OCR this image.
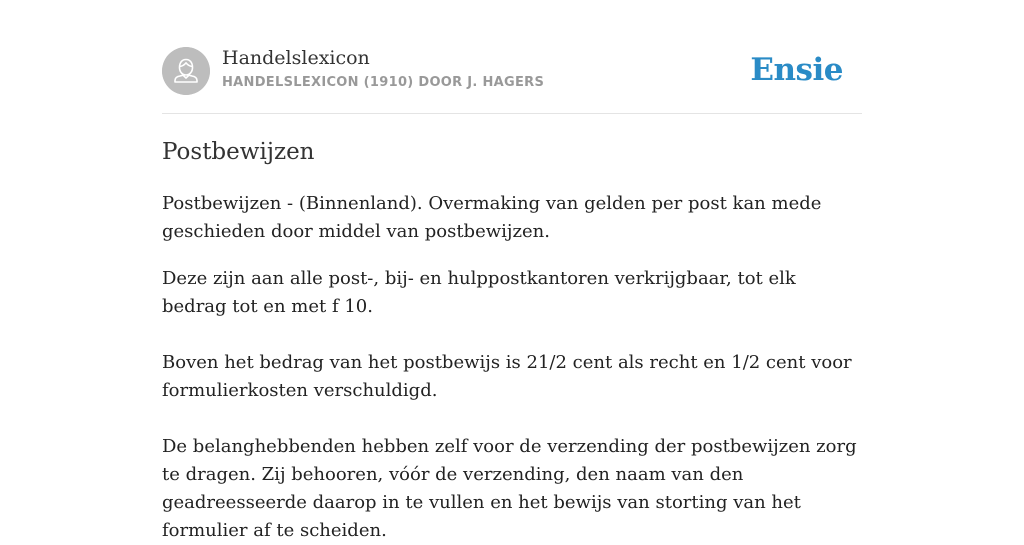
Handelslexicon
HANDELSLEXICON (1910) DOOR J. HAGERS	Ensie
Postbewijzen

Postbewijzen - (Binnenland). Overmaking van gelden per post kan mede geschieden door middel van postbewijzen.

Deze zijn aan alle post-, bij- en hulppostkantoren verkrijgbaar, tot elk bedrag tot en met f 10.

Boven het bedrag van het postbewijs is 21/2 cent als recht en 1/2 cent voor formulierkosten verschuldigd.

De belanghebbenden hebben zelf voor de verzending der postbewijzen zorg te dragen. Zij behooren, vóór de verzending, den naam van den geadreesseerde daarop in te vullen en het bewijs van storting van het formulier af te scheiden.
